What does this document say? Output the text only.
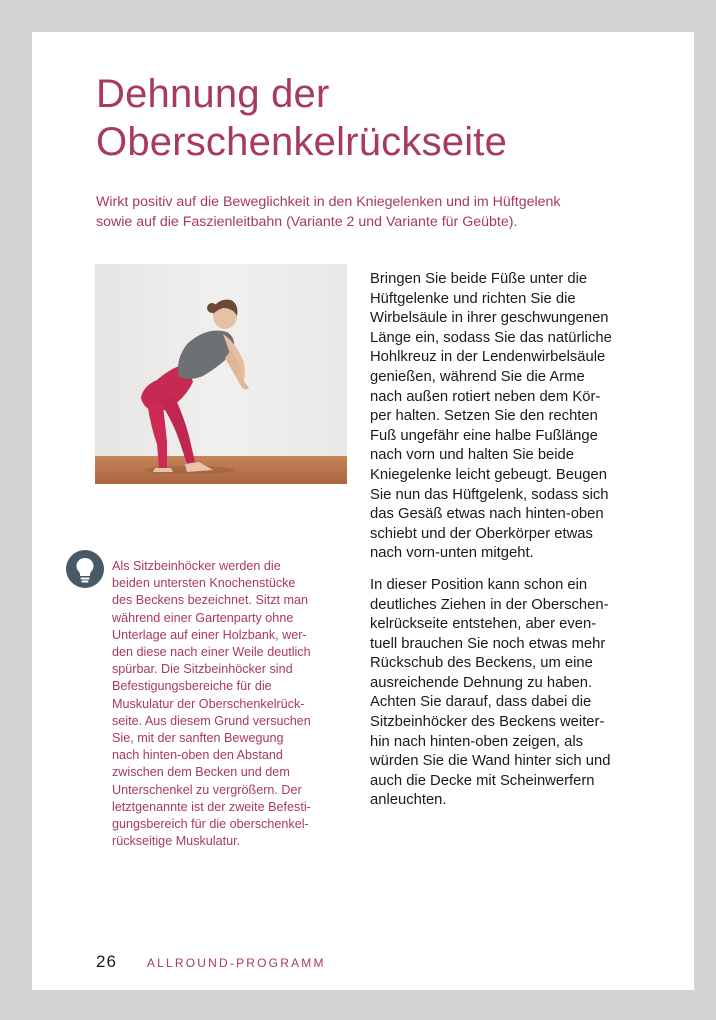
Dehnung der
Oberschenkelrückseite
Wirkt positiv auf die Beweglichkeit in den Kniegelenken und im Hüftgelenk
sowie auf die Faszienleitbahn (Variante 2 und Variante für Geübte).
Als Sitzbeinhöcker werden die
beiden untersten Knochenstücke
des Beckens bezeichnet. Sitzt man
während einer Gartenparty ohne
Unterlage auf einer Holzbank, wer-
den diese nach einer Weile deutlich
spürbar. Die Sitzbeinhöcker sind
Befestigungsbereiche für die
Muskulatur der Oberschenkelrück-
seite. Aus diesem Grund versuchen
Sie, mit der sanften Bewegung
nach hinten-oben den Abstand
zwischen dem Becken und dem
Unterschenkel zu vergrößern. Der
letztgenannte ist der zweite Befesti-
gungsbereich für die oberschenkel-
rückseitige Muskulatur.

Bringen Sie beide Füße unter die
Hüftgelenke und richten Sie die
Wirbelsäule in ihrer geschwungenen
Länge ein, sodass Sie das natürliche
Hohlkreuz in der Lendenwirbelsäule
genießen, während Sie die Arme
nach außen rotiert neben dem Kör-
per halten. Setzen Sie den rechten
Fuß ungefähr eine halbe Fußlänge
nach vorn und halten Sie beide
Kniegelenke leicht gebeugt. Beugen
Sie nun das Hüftgelenk, sodass sich
das Gesäß etwas nach hinten-oben
schiebt und der Oberkörper etwas
nach vorn-unten mitgeht.

In dieser Position kann schon ein
deutliches Ziehen in der Oberschen-
kelrückseite entstehen, aber even-
tuell brauchen Sie noch etwas mehr
Rückschub des Beckens, um eine
ausreichende Dehnung zu haben.
Achten Sie darauf, dass dabei die
Sitzbeinhöcker des Beckens weiter-
hin nach hinten-oben zeigen, als
würden Sie die Wand hinter sich und
auch die Decke mit Scheinwerfern
anleuchten.

26	ALLROUND-PROGRAMM
